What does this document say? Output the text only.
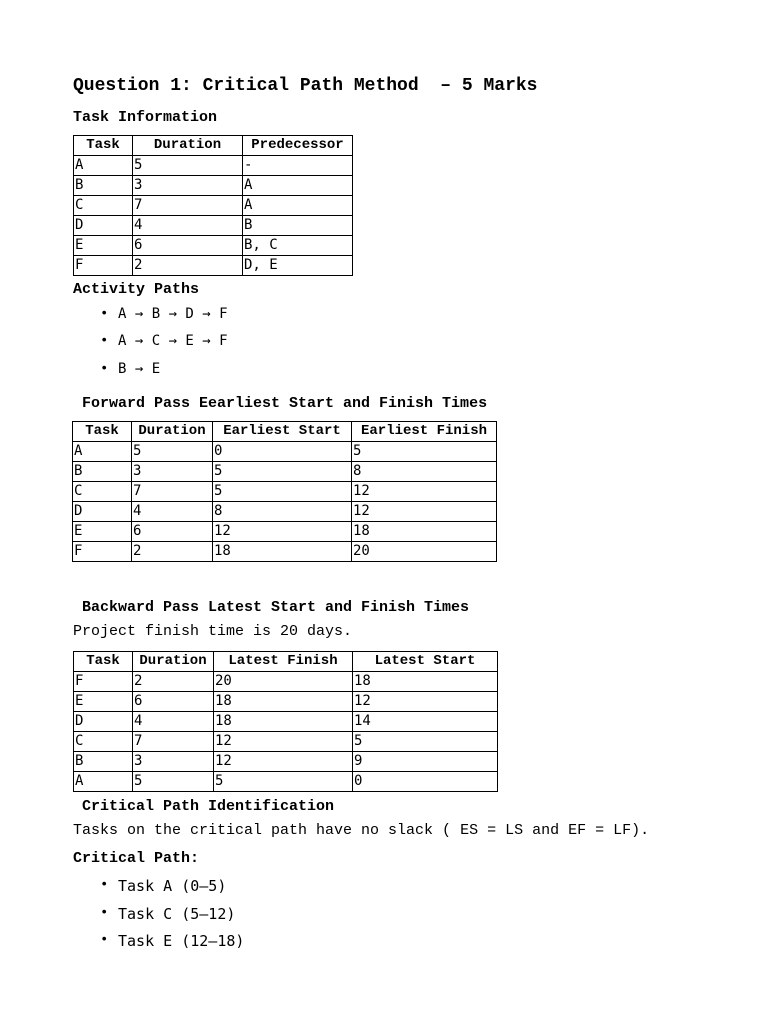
Question 1: Critical Path Method  – 5 Marks
Task Information
Task	Duration	Predecessor
A	5	-
B	3	A
C	7	A
D	4	B
E	6	B, C
F	2	D, E
Activity Paths
• A → B → D → F
• A → C → E → F
• B → E
Forward Pass Eearliest Start and Finish Times
Task	Duration	Earliest Start	Earliest Finish
A	5	0	5
B	3	5	8
C	7	5	12
D	4	8	12
E	6	12	18
F	2	18	20
Backward Pass Latest Start and Finish Times
Project finish time is 20 days.
Task	Duration	Latest Finish	Latest Start
F	2	20	18
E	6	18	12
D	4	18	14
C	7	12	5
B	3	12	9
A	5	5	0
Critical Path Identification
Tasks on the critical path have no slack ( ES = LS and EF = LF).
Critical Path:
• Task A (0–5)
• Task C (5–12)
• Task E (12–18)
